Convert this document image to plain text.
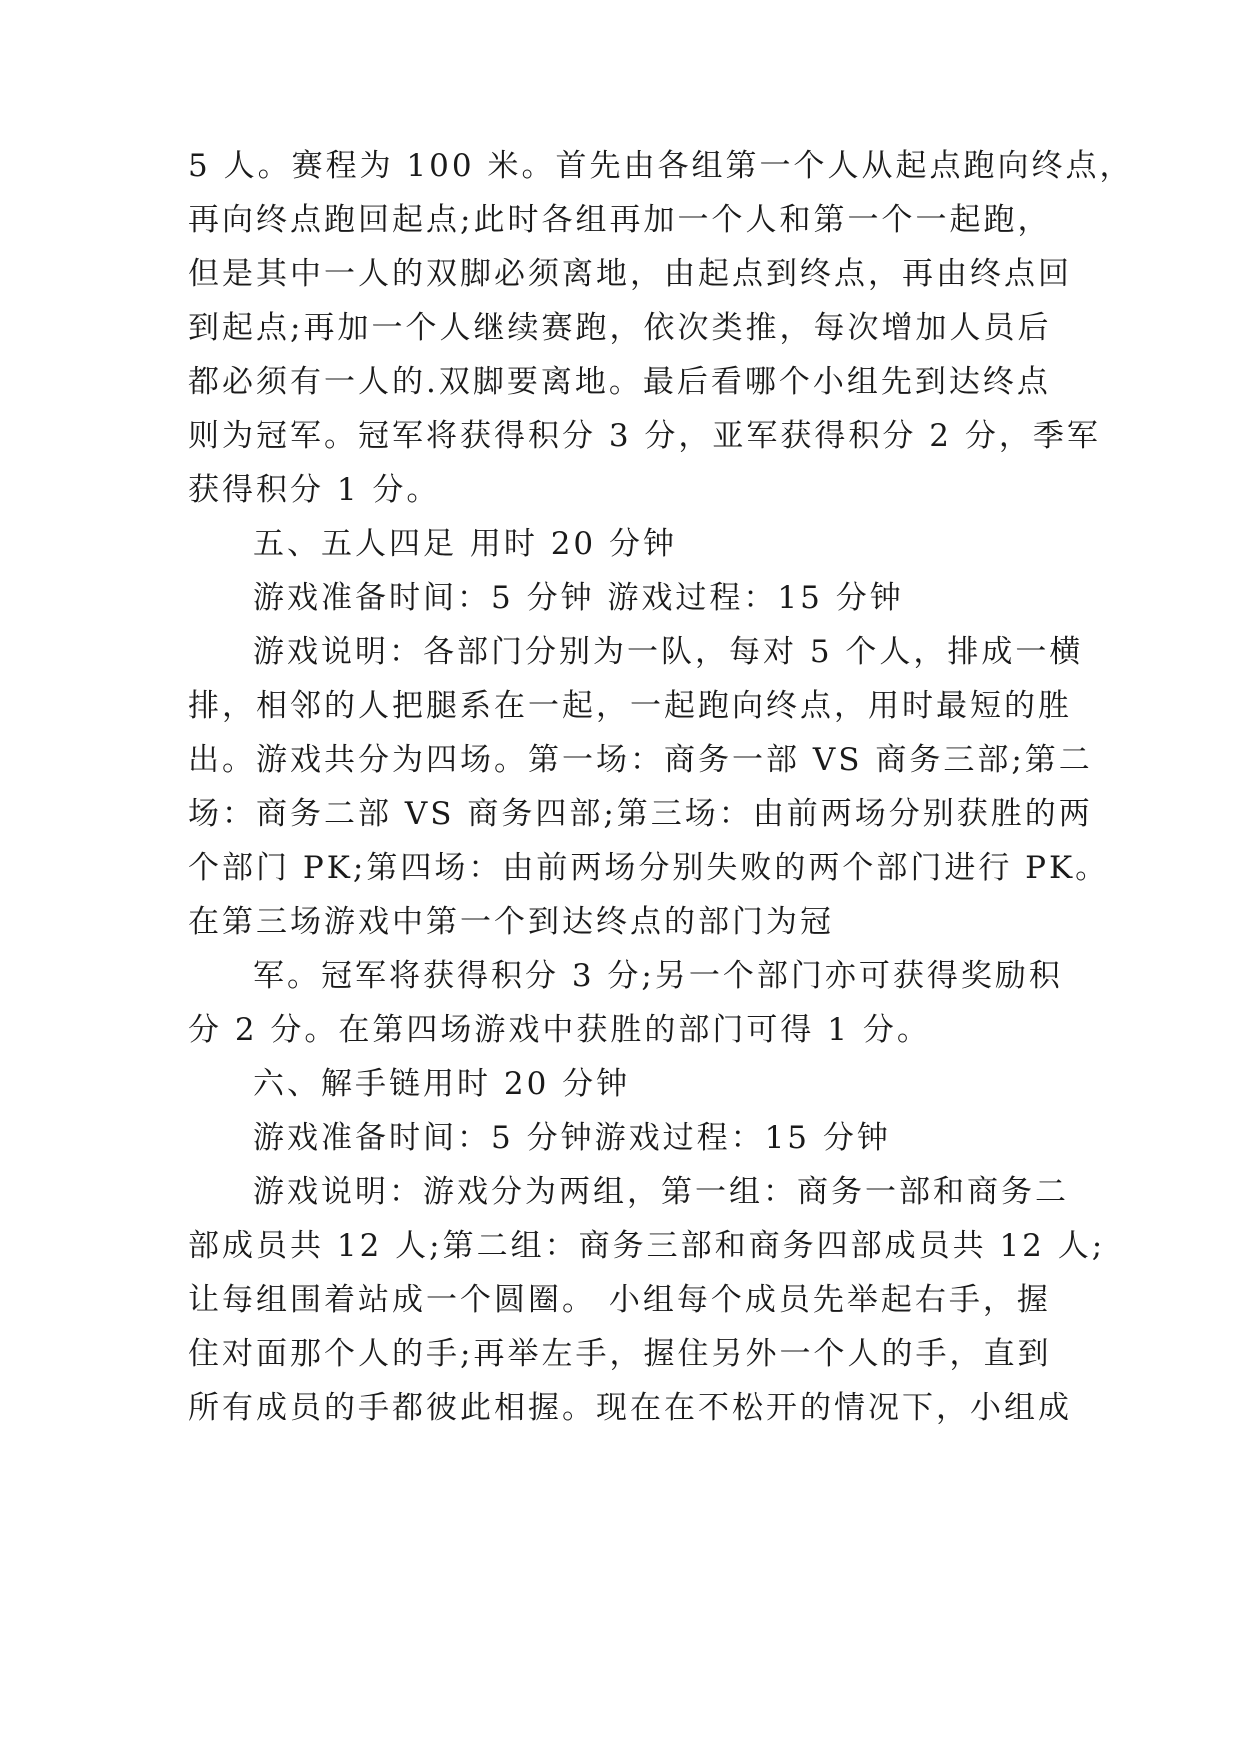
5 人。赛程为 100 米。首先由各组第一个人从起点跑向终点，
再向终点跑回起点;此时各组再加一个人和第一个一起跑，
但是其中一人的双脚必须离地，由起点到终点，再由终点回
到起点;再加一个人继续赛跑，依次类推，每次增加人员后
都必须有一人的.双脚要离地。最后看哪个小组先到达终点
则为冠军。冠军将获得积分 3 分，亚军获得积分 2 分，季军
获得积分 1 分。
五、五人四足 用时 20 分钟
游戏准备时间：5 分钟 游戏过程：15 分钟
游戏说明：各部门分别为一队，每对 5 个人，排成一横
排，相邻的人把腿系在一起，一起跑向终点，用时最短的胜
出。游戏共分为四场。第一场：商务一部 VS 商务三部;第二
场：商务二部 VS 商务四部;第三场：由前两场分别获胜的两
个部门 PK;第四场：由前两场分别失败的两个部门进行 PK。
在第三场游戏中第一个到达终点的部门为冠
军。冠军将获得积分 3 分;另一个部门亦可获得奖励积
分 2 分。在第四场游戏中获胜的部门可得 1 分。
六、解手链用时 20 分钟
游戏准备时间：5 分钟游戏过程：15 分钟
游戏说明：游戏分为两组，第一组：商务一部和商务二
部成员共 12 人;第二组：商务三部和商务四部成员共 12 人;
让每组围着站成一个圆圈。 小组每个成员先举起右手，握
住对面那个人的手;再举左手，握住另外一个人的手，直到
所有成员的手都彼此相握。现在在不松开的情况下，小组成
